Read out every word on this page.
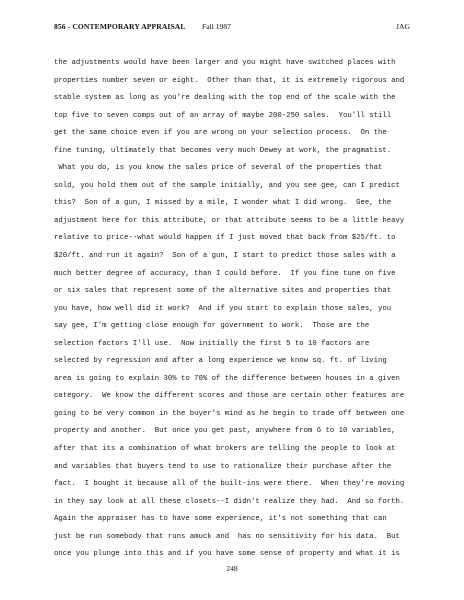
856 - CONTEMPORARY APPRAISAL Fall 1987	JAG
the adjustments would have been larger and you might have switched places with
properties number seven or eight.  Other than that, it is extremely rigorous and
stable system as long as you're dealing with the top end of the scale with the
top five to seven comps out of an array of maybe 200-250 sales.  You'll still
get the same choice even if you are wrong on your selection process.  On the
fine tuning, ultimately that becomes very much Dewey at work, the pragmatist.
What you do, is you know the sales price of several of the properties that
sold, you hold them out of the sample initially, and you see gee, can I predict
this?  Son of a gun, I missed by a mile, I wonder what I did wrong.  Gee, the
adjustment here for this attribute, or that attribute seems to be a little heavy
relative to price--what would happen if I just moved that back from $25/ft. to
$20/ft. and run it again?  Son of a gun, I start to predict those sales with a
much better degree of accuracy, than I could before.  If you fine tune on five
or six sales that represent some of the alternative sites and properties that
you have, how well did it work?  And if you start to explain those sales, you
say gee, I'm getting close enough for government to work.  Those are the
selection factors I'll use.  Now initially the first 5 to 10 factors are
selected by regression and after a long experience we know sq. ft. of living
area is going to explain 30% to 70% of the difference between houses in a given
category.  We know the different scores and those are certain other features are
going to be very common in the buyer's mind as he begin to trade off between one
property and another.  But once you get past, anywhere from 6 to 10 variables,
after that its a combination of what brokers are telling the people to look at
and variables that buyers tend to use to rationalize their purchase after the
fact.  I bought it because all of the built-ins were there.  When they're moving
in they say look at all these closets--I didn't realize they had.  And so forth.
Again the appraiser has to have some experience, it's not something that can
just be run somebody that runs amuck and  has no sensitivity for his data.  But
once you plunge into this and if you have some sense of property and what it is
248
